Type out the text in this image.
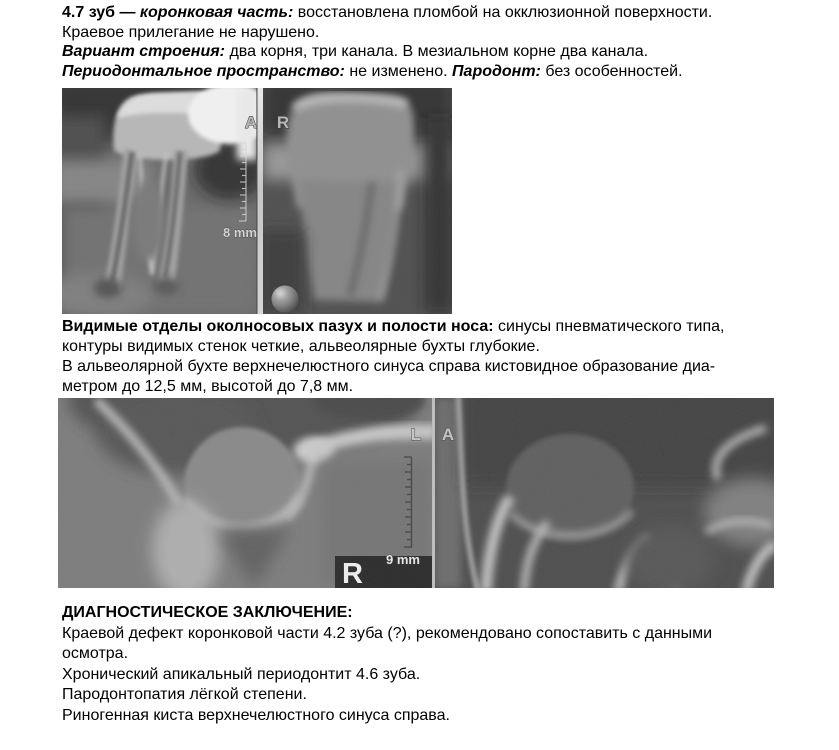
4.7 зуб — коронковая часть: восстановлена пломбой на окклюзионной поверхности.
Краевое прилегание не нарушено.
Вариант строения: два корня, три канала. В мезиальном корне два канала.
Периодонтальное пространство: не изменено. Пародонт: без особенностей.
8 mm
A R
Видимые отделы околносовых пазух и полости носа: синусы пневматического типа,
контуры видимых стенок четкие, альвеолярные бухты глубокие.
В альвеолярной бухте верхнечелюстного синуса справа кистовидное образование диа-
метром до 12,5 мм, высотой до 7,8 мм.
R 9 mm
L A
ДИАГНОСТИЧЕСКОЕ ЗАКЛЮЧЕНИЕ:
Краевой дефект коронковой части 4.2 зуба (?), рекомендовано сопоставить с данными
осмотра.
Хронический апикальный периодонтит 4.6 зуба.
Пародонтопатия лёгкой степени.
Риногенная киста верхнечелюстного синуса справа.
